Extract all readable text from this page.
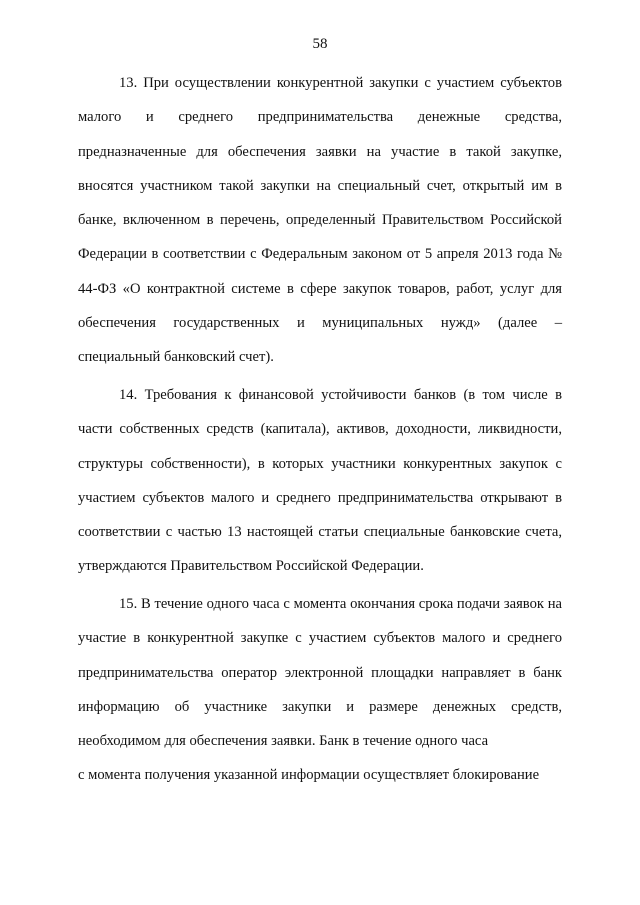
58

13. При осуществлении конкурентной закупки с участием субъектов малого и среднего предпринимательства денежные средства, предназначенные для обеспечения заявки на участие в такой закупке, вносятся участником такой закупки на специальный счет, открытый им в банке, включенном в перечень, определенный Правительством Российской Федерации в соответствии с Федеральным законом от 5 апреля 2013 года № 44-ФЗ «О контрактной системе в сфере закупок товаров, работ, услуг для обеспечения государственных и муниципальных нужд» (далее – специальный банковский счет).

14. Требования к финансовой устойчивости банков (в том числе в части собственных средств (капитала), активов, доходности, ликвидности, структуры собственности), в которых участники конкурентных закупок с участием субъектов малого и среднего предпринимательства открывают в соответствии с частью 13 настоящей статьи специальные банковские счета, утверждаются Правительством Российской Федерации.

15. В течение одного часа с момента окончания срока подачи заявок на участие в конкурентной закупке с участием субъектов малого и среднего предпринимательства оператор электронной площадки направляет в банк информацию об участнике закупки и размере денежных средств, необходимом для обеспечения заявки. Банк в течение одного часа

с момента получения указанной информации осуществляет блокирование
